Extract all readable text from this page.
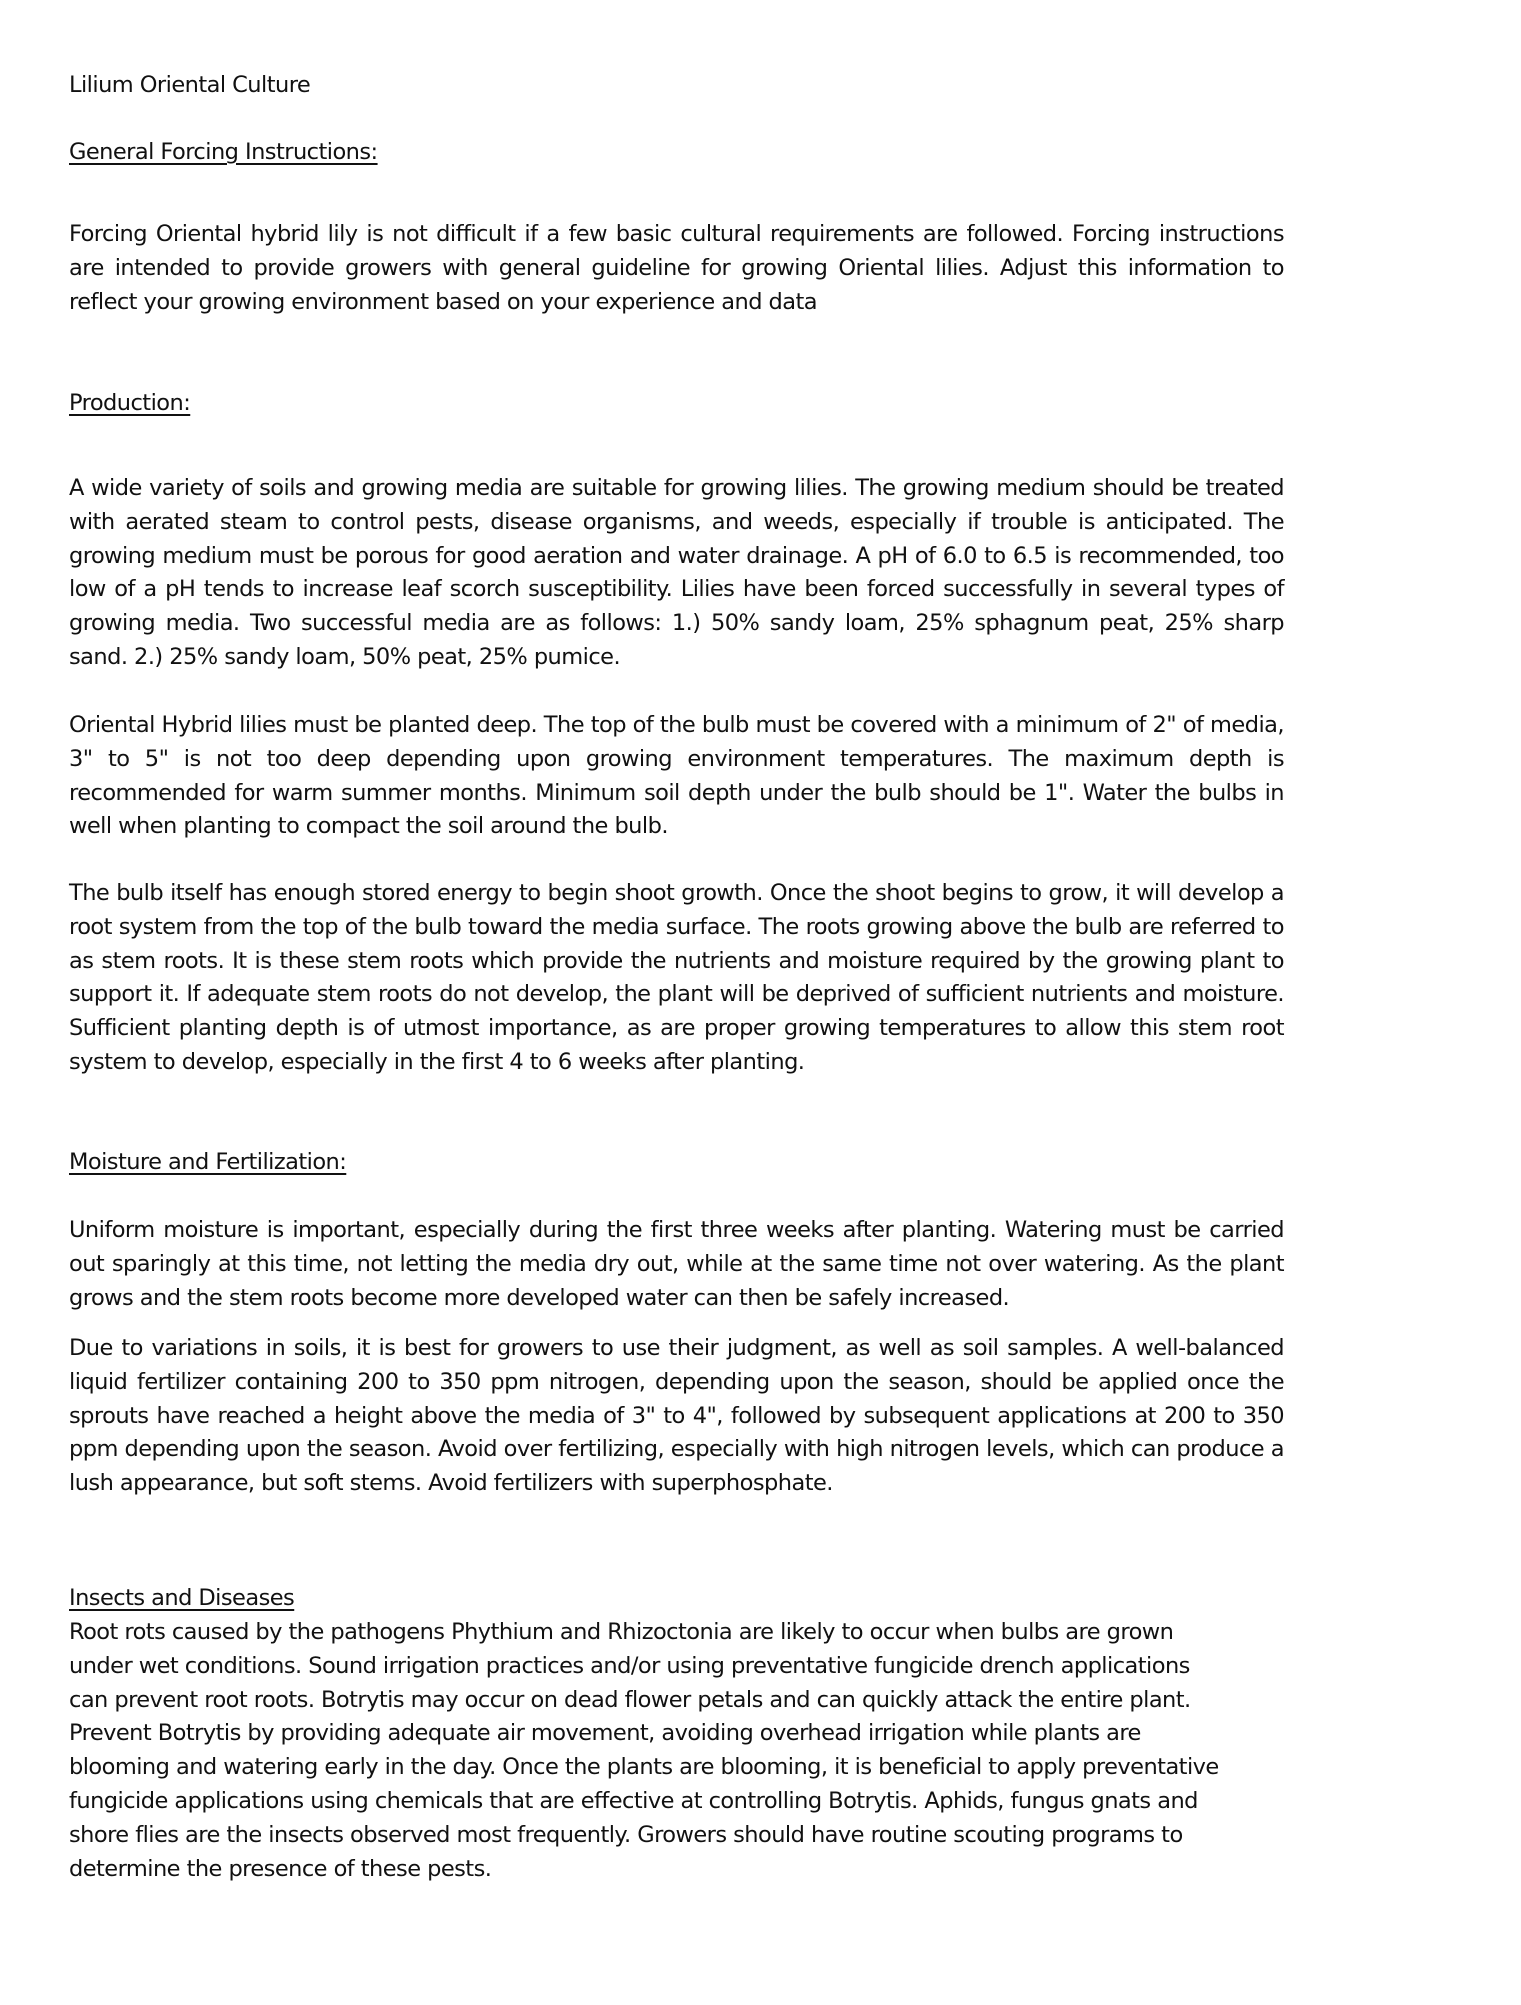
Lilium Oriental Culture

General Forcing Instructions:

Forcing Oriental hybrid lily is not difficult if a few basic cultural requirements are followed. Forcing instructions are intended to provide growers with general guideline for growing Oriental lilies. Adjust this information to reflect your growing environment based on your experience and data

Production:

A wide variety of soils and growing media are suitable for growing lilies. The growing medium should be treated with aerated steam to control pests, disease organisms, and weeds, especially if trouble is anticipated. The growing medium must be porous for good aeration and water drainage. A pH of 6.0 to 6.5 is recommended, too low of a pH tends to increase leaf scorch susceptibility. Lilies have been forced successfully in several types of growing media. Two successful media are as follows: 1.) 50% sandy loam, 25% sphagnum peat, 25% sharp sand. 2.) 25% sandy loam, 50% peat, 25% pumice.

Oriental Hybrid lilies must be planted deep. The top of the bulb must be covered with a minimum of 2" of media, 3" to 5" is not too deep depending upon growing environment temperatures. The maximum depth is recommended for warm summer months. Minimum soil depth under the bulb should be 1". Water the bulbs in well when planting to compact the soil around the bulb.

The bulb itself has enough stored energy to begin shoot growth. Once the shoot begins to grow, it will develop a root system from the top of the bulb toward the media surface. The roots growing above the bulb are referred to as stem roots. It is these stem roots which provide the nutrients and moisture required by the growing plant to support it. If adequate stem roots do not develop, the plant will be deprived of sufficient nutrients and moisture. Sufficient planting depth is of utmost importance, as are proper growing temperatures to allow this stem root system to develop, especially in the first 4 to 6 weeks after planting.

Moisture and Fertilization:

Uniform moisture is important, especially during the first three weeks after planting. Watering must be carried out sparingly at this time, not letting the media dry out, while at the same time not over watering. As the plant grows and the stem roots become more developed water can then be safely increased.

Due to variations in soils, it is best for growers to use their judgment, as well as soil samples. A well-balanced liquid fertilizer containing 200 to 350 ppm nitrogen, depending upon the season, should be applied once the sprouts have reached a height above the media of 3" to 4", followed by subsequent applications at 200 to 350 ppm depending upon the season. Avoid over fertilizing, especially with high nitrogen levels, which can produce a lush appearance, but soft stems. Avoid fertilizers with superphosphate.

Insects and Diseases

Root rots caused by the pathogens Phythium and Rhizoctonia are likely to occur when bulbs are grown
under wet conditions. Sound irrigation practices and/or using preventative fungicide drench applications
can prevent root roots. Botrytis may occur on dead flower petals and can quickly attack the entire plant.
Prevent Botrytis by providing adequate air movement, avoiding overhead irrigation while plants are
blooming and watering early in the day. Once the plants are blooming, it is beneficial to apply preventative
fungicide applications using chemicals that are effective at controlling Botrytis. Aphids, fungus gnats and
shore flies are the insects observed most frequently. Growers should have routine scouting programs to
determine the presence of these pests.
